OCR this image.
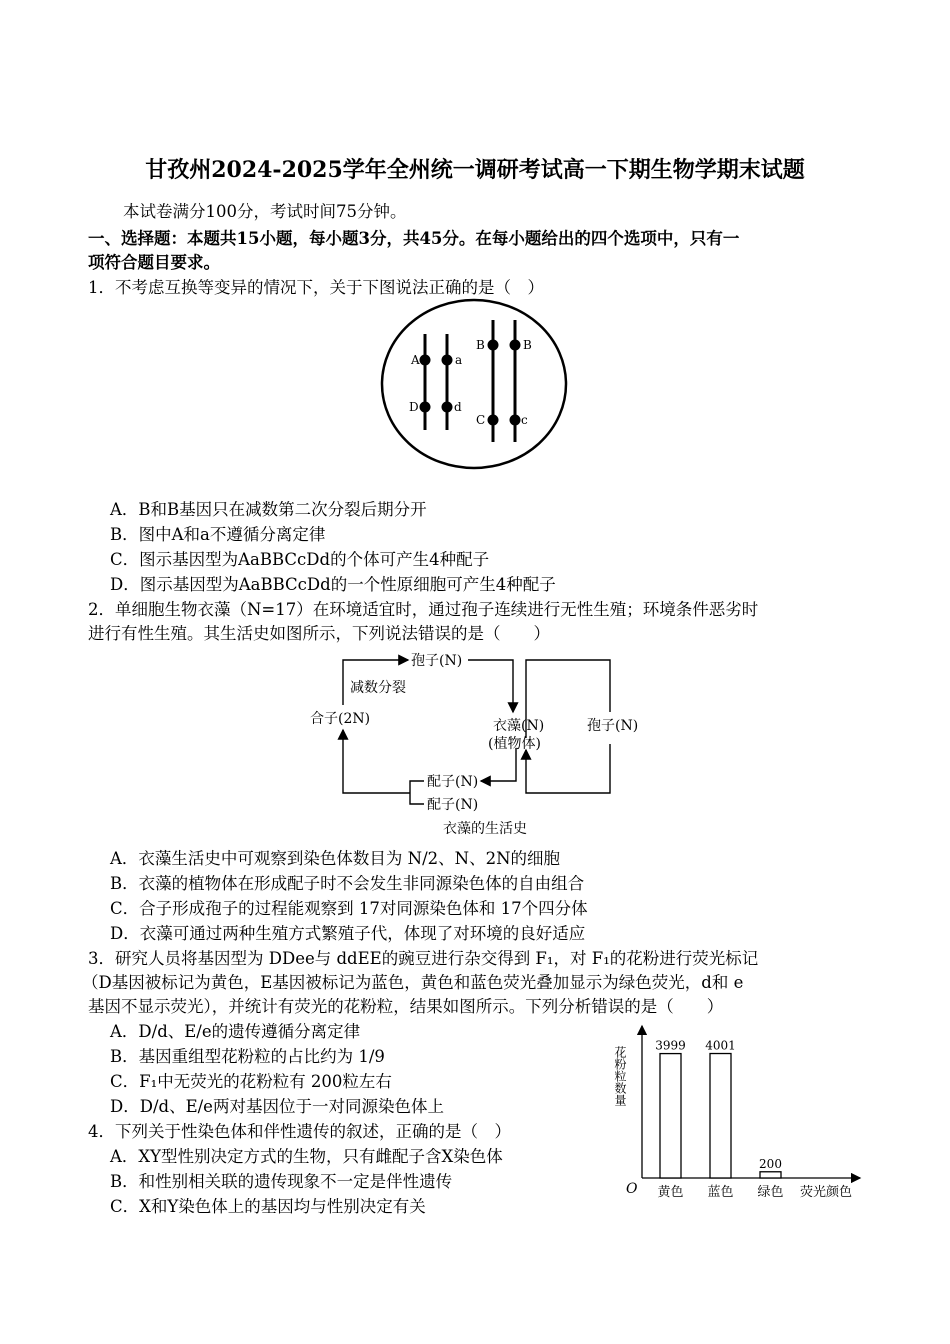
甘孜州2024-2025学年全州统一调研考试高一下期生物学期末试题
本试卷满分100分，考试时间75分钟。
一、选择题：本题共15小题，每小题3分，共45分。在每小题给出的四个选项中，只有一
项符合题目要求。
1．不考虑互换等变异的情况下，关于下图说法正确的是（　）
A	a
D	d
B	B
C	c
A．B和B基因只在减数第二次分裂后期分开
B．图中A和a不遵循分离定律
C．图示基因型为AaBBCcDd的个体可产生4种配子
D．图示基因型为AaBBCcDd的一个性原细胞可产生4种配子
2．单细胞生物衣藻（N=17）在环境适宜时，通过孢子连续进行无性生殖；环境条件恶劣时
进行有性生殖。其生活史如图所示，下列说法错误的是（　　）
孢子(N)
减数分裂
合子(2N)	衣藻(N)
(植物体)
孢子(N)
配子(N)
配子(N)
衣藻的生活史
A．衣藻生活史中可观察到染色体数目为 N/2、N、2N的细胞
B．衣藻的植物体在形成配子时不会发生非同源染色体的自由组合
C．合子形成孢子的过程能观察到 17对同源染色体和 17个四分体
D．衣藻可通过两种生殖方式繁殖子代，体现了对环境的良好适应
3．研究人员将基因型为 DDee与 ddEE的豌豆进行杂交得到 F₁，对 F₁的花粉进行荧光标记
（D基因被标记为黄色，E基因被标记为蓝色，黄色和蓝色荧光叠加显示为绿色荧光，d和 e
基因不显示荧光），并统计有荧光的花粉粒，结果如图所示。下列分析错误的是（　　）
A．D/d、E/e的遗传遵循分离定律
B．基因重组型花粉粒的占比约为 1/9
C．F₁中无荧光的花粉粒有 200粒左右
D．D/d、E/e两对基因位于一对同源染色体上
O
花粉粒数量
荧光颜色
3999
黄色
4001
蓝色
200
绿色
4．下列关于性染色体和伴性遗传的叙述，正确的是（　）
A．XY型性别决定方式的生物，只有雌配子含X染色体
B．和性别相关联的遗传现象不一定是伴性遗传
C．X和Y染色体上的基因均与性别决定有关
